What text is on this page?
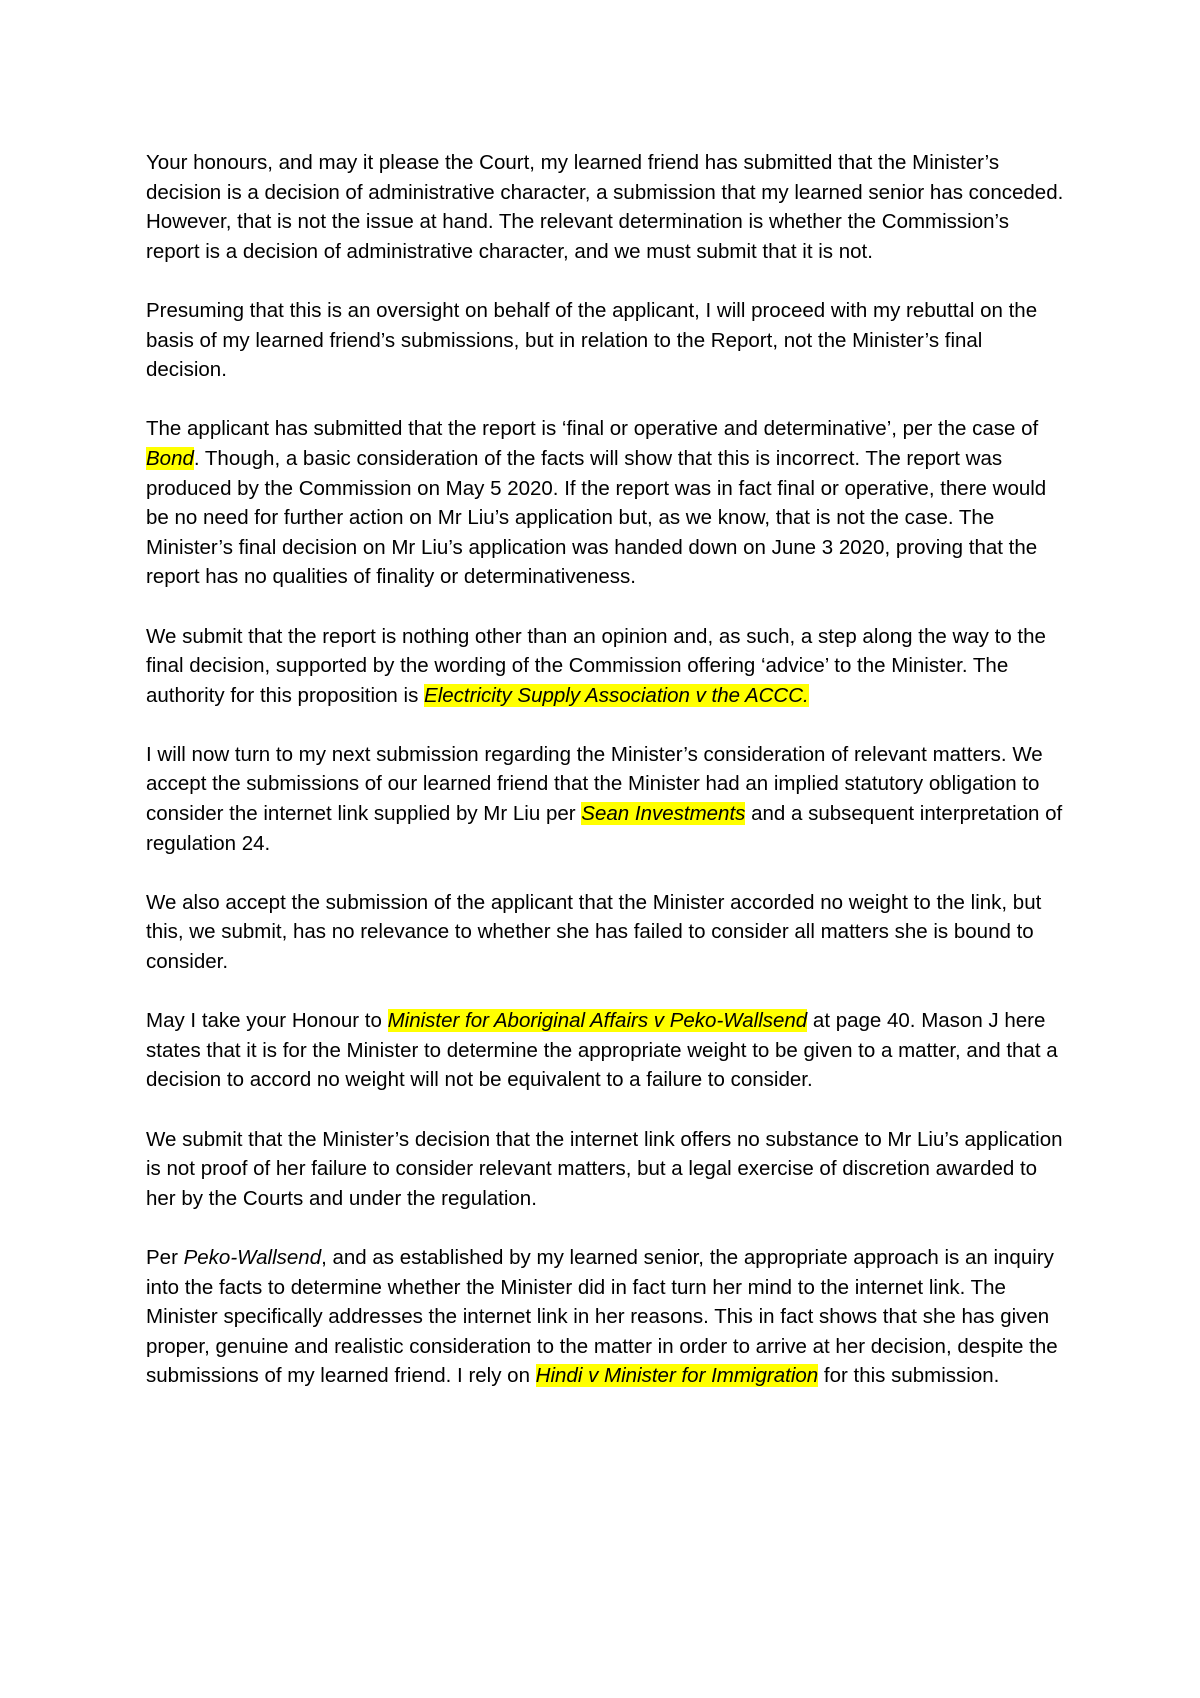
Your honours, and may it please the Court, my learned friend has submitted that the Minister’s decision is a decision of administrative character, a submission that my learned senior has conceded. However, that is not the issue at hand. The relevant determination is whether the Commission’s report is a decision of administrative character, and we must submit that it is not.

Presuming that this is an oversight on behalf of the applicant, I will proceed with my rebuttal on the basis of my learned friend’s submissions, but in relation to the Report, not the Minister’s final decision.

The applicant has submitted that the report is ‘final or operative and determinative’, per the case of Bond. Though, a basic consideration of the facts will show that this is incorrect. The report was produced by the Commission on May 5 2020. If the report was in fact final or operative, there would be no need for further action on Mr Liu’s application but, as we know, that is not the case. The Minister’s final decision on Mr Liu’s application was handed down on June 3 2020, proving that the report has no qualities of finality or determinativeness.

We submit that the report is nothing other than an opinion and, as such, a step along the way to the final decision, supported by the wording of the Commission offering ‘advice’ to the Minister. The authority for this proposition is Electricity Supply Association v the ACCC.

I will now turn to my next submission regarding the Minister’s consideration of relevant matters. We accept the submissions of our learned friend that the Minister had an implied statutory obligation to consider the internet link supplied by Mr Liu per Sean Investments and a subsequent interpretation of regulation 24.

We also accept the submission of the applicant that the Minister accorded no weight to the link, but this, we submit, has no relevance to whether she has failed to consider all matters she is bound to consider.

May I take your Honour to Minister for Aboriginal Affairs v Peko-Wallsend at page 40. Mason J here states that it is for the Minister to determine the appropriate weight to be given to a matter, and that a decision to accord no weight will not be equivalent to a failure to consider.

We submit that the Minister’s decision that the internet link offers no substance to Mr Liu’s application is not proof of her failure to consider relevant matters, but a legal exercise of discretion awarded to her by the Courts and under the regulation.

Per Peko-Wallsend, and as established by my learned senior, the appropriate approach is an inquiry into the facts to determine whether the Minister did in fact turn her mind to the internet link. The Minister specifically addresses the internet link in her reasons. This in fact shows that she has given proper, genuine and realistic consideration to the matter in order to arrive at her decision, despite the submissions of my learned friend. I rely on Hindi v Minister for Immigration for this submission.
